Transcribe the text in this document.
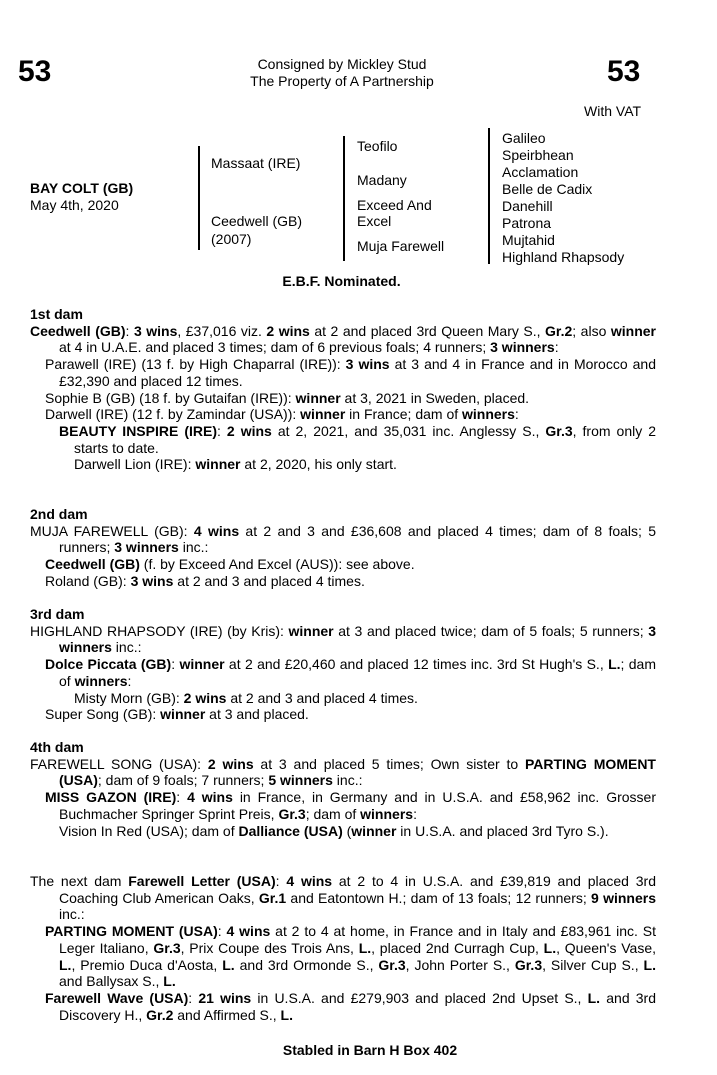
53	53
Consigned by Mickley Stud
The Property of A Partnership
With VAT
BAY COLT (GB)
May 4th, 2020
Massaat (IRE)
Ceedwell (GB)
(2007)
Teofilo
Madany
Exceed And
Excel
Muja Farewell
Galileo
Speirbhean
Acclamation
Belle de Cadix
Danehill
Patrona
Mujtahid
Highland Rhapsody
E.B.F. Nominated.

1st dam

Ceedwell (GB): 3 wins, £37,016 viz. 2 wins at 2 and placed 3rd Queen Mary S., Gr.2; also winner at 4 in U.A.E. and placed 3 times; dam of 6 previous foals; 4 runners; 3 winners:

Parawell (IRE) (13 f. by High Chaparral (IRE)): 3 wins at 3 and 4 in France and in Morocco and £32,390 and placed 12 times.

Sophie B (GB) (18 f. by Gutaifan (IRE)): winner at 3, 2021 in Sweden, placed.

Darwell (IRE) (12 f. by Zamindar (USA)): winner in France; dam of winners:

BEAUTY INSPIRE (IRE): 2 wins at 2, 2021, and 35,031 inc. Anglessy S., Gr.3, from only 2 starts to date.

Darwell Lion (IRE): winner at 2, 2020, his only start.

2nd dam

MUJA FAREWELL (GB): 4 wins at 2 and 3 and £36,608 and placed 4 times; dam of 8 foals; 5 runners; 3 winners inc.:

Ceedwell (GB) (f. by Exceed And Excel (AUS)): see above.

Roland (GB): 3 wins at 2 and 3 and placed 4 times.

3rd dam

HIGHLAND RHAPSODY (IRE) (by Kris): winner at 3 and placed twice; dam of 5 foals; 5 runners; 3 winners inc.:

Dolce Piccata (GB): winner at 2 and £20,460 and placed 12 times inc. 3rd St Hugh's S., L.; dam of winners:

Misty Morn (GB): 2 wins at 2 and 3 and placed 4 times.

Super Song (GB): winner at 3 and placed.

4th dam

FAREWELL SONG (USA): 2 wins at 3 and placed 5 times; Own sister to PARTING MOMENT (USA); dam of 9 foals; 7 runners; 5 winners inc.:

MISS GAZON (IRE): 4 wins in France, in Germany and in U.S.A. and £58,962 inc. Grosser Buchmacher Springer Sprint Preis, Gr.3; dam of winners:

Vision In Red (USA); dam of Dalliance (USA) (winner in U.S.A. and placed 3rd Tyro S.).

The next dam Farewell Letter (USA): 4 wins at 2 to 4 in U.S.A. and £39,819 and placed 3rd Coaching Club American Oaks, Gr.1 and Eatontown H.; dam of 13 foals; 12 runners; 9 winners inc.:

PARTING MOMENT (USA): 4 wins at 2 to 4 at home, in France and in Italy and £83,961 inc. St Leger Italiano, Gr.3, Prix Coupe des Trois Ans, L., placed 2nd Curragh Cup, L., Queen's Vase, L., Premio Duca d'Aosta, L. and 3rd Ormonde S., Gr.3, John Porter S., Gr.3, Silver Cup S., L. and Ballysax S., L.

Farewell Wave (USA): 21 wins in U.S.A. and £279,903 and placed 2nd Upset S., L. and 3rd Discovery H., Gr.2 and Affirmed S., L.

Stabled in Barn H Box 402
